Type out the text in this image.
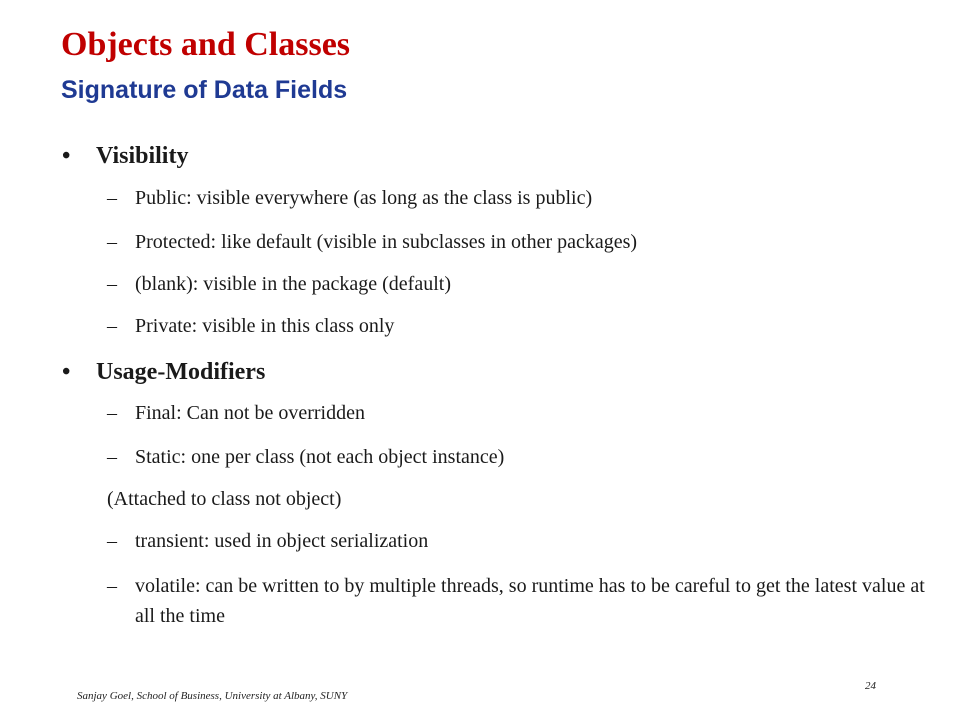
Objects and Classes
Signature of Data Fields
• Visibility
– Public: visible everywhere (as long as the class is public)
– Protected: like default (visible in subclasses in other packages)
– (blank): visible in the package (default)
– Private: visible in this class only
• Usage-Modifiers
– Final: Can not be overridden
– Static: one per class (not each object instance)
(Attached to class not object)
– transient: used in object serialization
– volatile: can be written to by multiple threads, so runtime has to be careful to get the latest value at all the time
Sanjay Goel, School of Business, University at Albany, SUNY
24
